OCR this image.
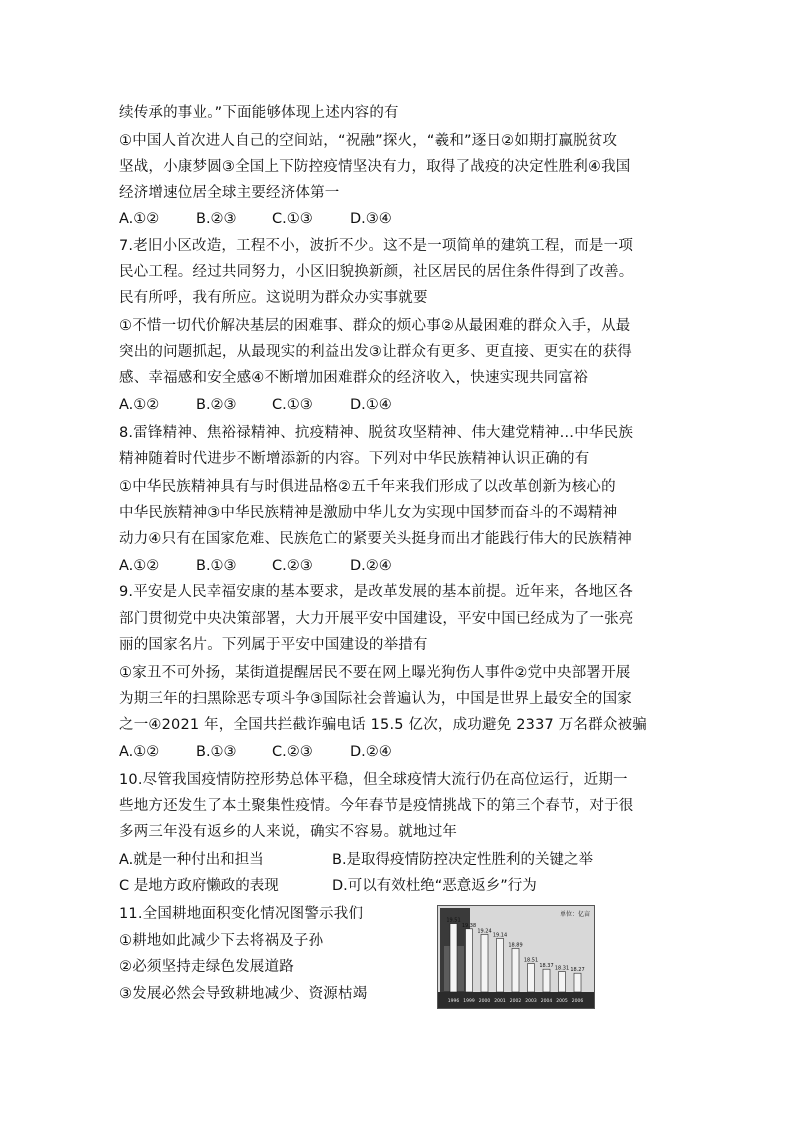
续传承的事业。”下面能够体现上述内容的有
①中国人首次进人自己的空间站，“祝融”探火，“羲和”逐日②如期打赢脱贫攻
坚战，小康梦圆③全国上下防控疫情坚决有力，取得了战疫的决定性胜利④我国
经济增速位居全球主要经济体第一
A.①②	B.②③ C.①③	D.③④
7.老旧小区改造，工程不小，波折不少。这不是一项简单的建筑工程，而是一项
民心工程。经过共同努力，小区旧貌换新颜，社区居民的居住条件得到了改善。
民有所呼，我有所应。这说明为群众办实事就要
①不惜一切代价解决基层的困难事、群众的烦心事②从最困难的群众入手，从最
突出的问题抓起，从最现实的利益出发③让群众有更多、更直接、更实在的获得
感、幸福感和安全感④不断增加困难群众的经济收入，快速实现共同富裕
A.①②	B.②③ C.①③	D.①④
8.雷锋精神、焦裕禄精神、抗疫精神、脱贫攻坚精神、伟大建党精神…中华民族
精神随着时代进步不断增添新的内容。下列对中华民族精神认识正确的有
①中华民族精神具有与时俱进品格②五千年来我们形成了以改革创新为核心的
中华民族精神③中华民族精神是激励中华儿女为实现中国梦而奋斗的不竭精神
动力④只有在国家危难、民族危亡的紧要关头挺身而出才能践行伟大的民族精神
A.①②	B.①③ C.②③	D.②④
9.平安是人民幸福安康的基本要求，是改革发展的基本前提。近年来，各地区各
部门贯彻党中央决策部署，大力开展平安中国建设，平安中国已经成为了一张亮
丽的国家名片。下列属于平安中国建设的举措有
①家丑不可外扬，某街道提醒居民不要在网上曝光狗伤人事件②党中央部署开展
为期三年的扫黑除恶专项斗争③国际社会普遍认为，中国是世界上最安全的国家
之一④2021 年，全国共拦截诈骗电话 15.5 亿次，成功避免 2337 万名群众被骗
A.①②	B.①③ C.②③	D.②④
10.尽管我国疫情防控形势总体平稳，但全球疫情大流行仍在高位运行，近期一
些地方还发生了本土聚集性疫情。今年春节是疫情挑战下的第三个春节，对于很
多两三年没有返乡的人来说，确实不容易。就地过年
A.就是一种付出和担当	B.是取得疫情防控决定性胜利的关键之举
C 是地方政府懒政的表现	D.可以有效杜绝“恶意返乡”行为
11.全国耕地面积变化情况图警示我们
①耕地如此减少下去将祸及子孙
②必须坚持走绿色发展道路
③发展必然会导致耕地减少、资源枯竭
单位：亿亩
19.51
1996
19.38
1999
19.24
2000
19.14
2001
18.89
2002
18.51
2003
18.37
2004
18.31
2005
18.27
2006
